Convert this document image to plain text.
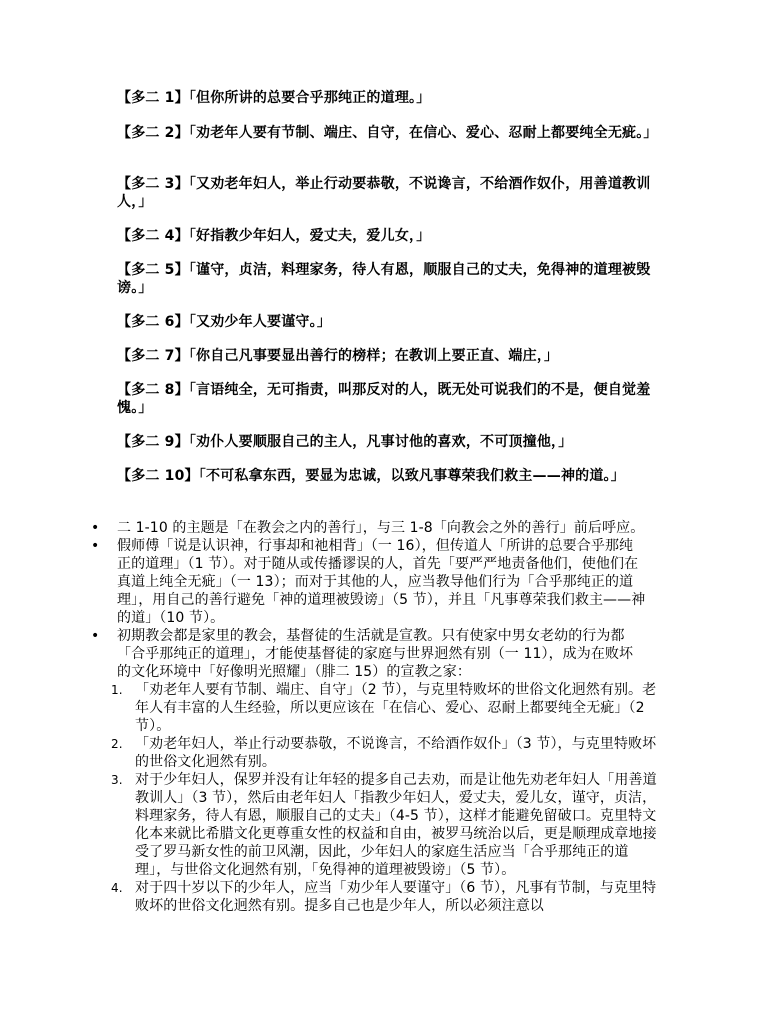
【多二 1】「但你所讲的总要合乎那纯正的道理。」

【多二 2】「劝老年人要有节制、端庄、自守，在信心、爱心、忍耐上都要纯全无疵。」

【多二 3】「又劝老年妇人，举止行动要恭敬，不说谗言，不给酒作奴仆，用善道教训人，」

【多二 4】「好指教少年妇人，爱丈夫，爱儿女，」

【多二 5】「谨守，贞洁，料理家务，待人有恩，顺服自己的丈夫，免得神的道理被毁谤。」

【多二 6】「又劝少年人要谨守。」

【多二 7】「你自己凡事要显出善行的榜样；在教训上要正直、端庄，」

【多二 8】「言语纯全，无可指责，叫那反对的人，既无处可说我们的不是，便自觉羞愧。」

【多二 9】「劝仆人要顺服自己的主人，凡事讨他的喜欢，不可顶撞他，」

【多二 10】「不可私拿东西，要显为忠诚，以致凡事尊荣我们救主——神的道。」

• 二 1-10 的主题是「在教会之内的善行」，与三 1-8「向教会之外的善行」前后呼应。
• 假师傅「说是认识神，行事却和祂相背」（一 16），但传道人「所讲的总要合乎那纯正的道理」（1 节）。对于随从或传播谬误的人，首先「要严严地责备他们，使他们在真道上纯全无疵」（一 13）；而对于其他的人，应当教导他们行为「合乎那纯正的道理」，用自己的善行避免「神的道理被毁谤」（5 节），并且「凡事尊荣我们救主——神的道」（10 节）。
• 初期教会都是家里的教会，基督徒的生活就是宣教。只有使家中男女老幼的行为都「合乎那纯正的道理」，才能使基督徒的家庭与世界迥然有别（一 11），成为在败坏的文化环境中「好像明光照耀」（腓二 15）的宣教之家：
1. 「劝老年人要有节制、端庄、自守」（2 节），与克里特败坏的世俗文化迥然有别。老年人有丰富的人生经验，所以更应该在「在信心、爱心、忍耐上都要纯全无疵」（2 节）。
2. 「劝老年妇人，举止行动要恭敬，不说谗言，不给酒作奴仆」（3 节），与克里特败坏的世俗文化迥然有别。
3. 对于少年妇人，保罗并没有让年轻的提多自己去劝，而是让他先劝老年妇人「用善道教训人」（3 节），然后由老年妇人「指教少年妇人，爱丈夫，爱儿女，谨守，贞洁，料理家务，待人有恩，顺服自己的丈夫」（4-5 节），这样才能避免留破口。克里特文化本来就比希腊文化更尊重女性的权益和自由，被罗马统治以后，更是顺理成章地接受了罗马新女性的前卫风潮，因此，少年妇人的家庭生活应当「合乎那纯正的道理」，与世俗文化迥然有别，「免得神的道理被毁谤」（5 节）。
4. 对于四十岁以下的少年人，应当「劝少年人要谨守」（6 节），凡事有节制，与克里特败坏的世俗文化迥然有别。提多自己也是少年人，所以必须注意以
